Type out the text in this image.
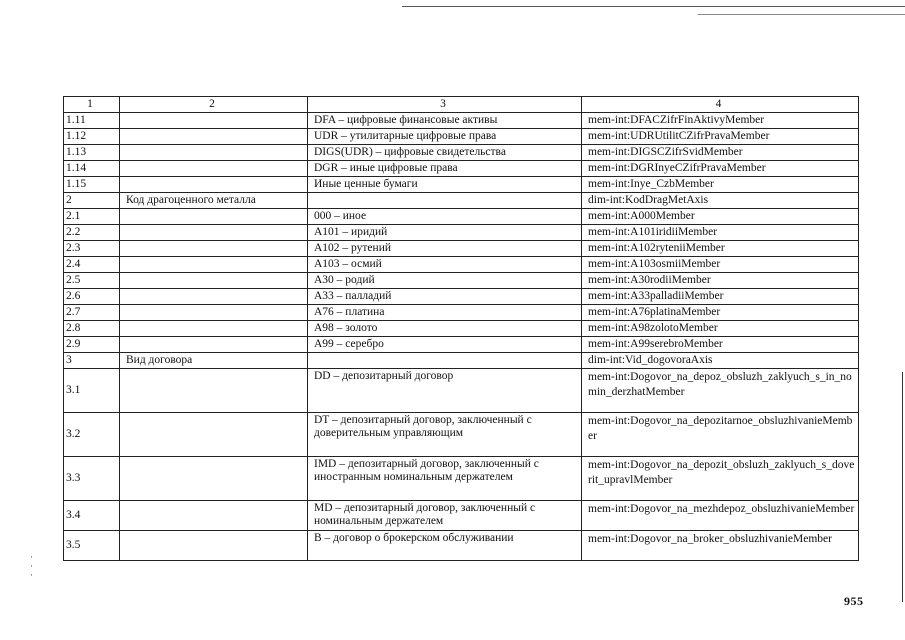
·
·
·
1	2	3	4
1.11		DFA – цифровые финансовые активы	mem-int:DFACZifrFinAktivyMember
1.12		UDR – утилитарные цифровые права	mem-int:UDRUtilitCZifrPravaMember
1.13		DIGS(UDR) – цифровые свидетельства	mem-int:DIGSCZifrSvidMember
1.14		DGR – иные цифровые права	mem-int:DGRInyeCZifrPravaMember
1.15		Иные ценные бумаги	mem-int:Inye_CzbMember
2	Код драгоценного металла		dim-int:KodDragMetAxis
2.1		000 – иное	mem-int:A000Member
2.2		A101 – иридий	mem-int:A101iridiiMember
2.3		A102 – рутений	mem-int:A102ryteniiMember
2.4		A103 – осмий	mem-int:A103osmiiMember
2.5		A30 – родий	mem-int:A30rodiiMember
2.6		A33 – палладий	mem-int:A33palladiiMember
2.7		A76 – платина	mem-int:A76platinaMember
2.8		A98 – золото	mem-int:A98zolotoMember
2.9		A99 – серебро	mem-int:A99serebroMember
3	Вид договора		dim-int:Vid_dogovoraAxis
3.1		DD – депозитарный договор	mem-int:Dogovor_na_depoz_obsluzh_zaklyuch_s_in_nomin_derzhatMember
3.2		DT – депозитарный договор, заключенный с доверительным управляющим	mem-int:Dogovor_na_depozitarnoe_obsluzhivanieMember
3.3		IMD – депозитарный договор, заключенный с иностранным номинальным держателем	mem-int:Dogovor_na_depozit_obsluzh_zaklyuch_s_doverit_upravlMember
3.4		MD – депозитарный договор, заключенный с номинальным держателем	mem-int:Dogovor_na_mezhdepoz_obsluzhivanieMember
3.5		B – договор о брокерском обслуживании	mem-int:Dogovor_na_broker_obsluzhivanieMember
955
